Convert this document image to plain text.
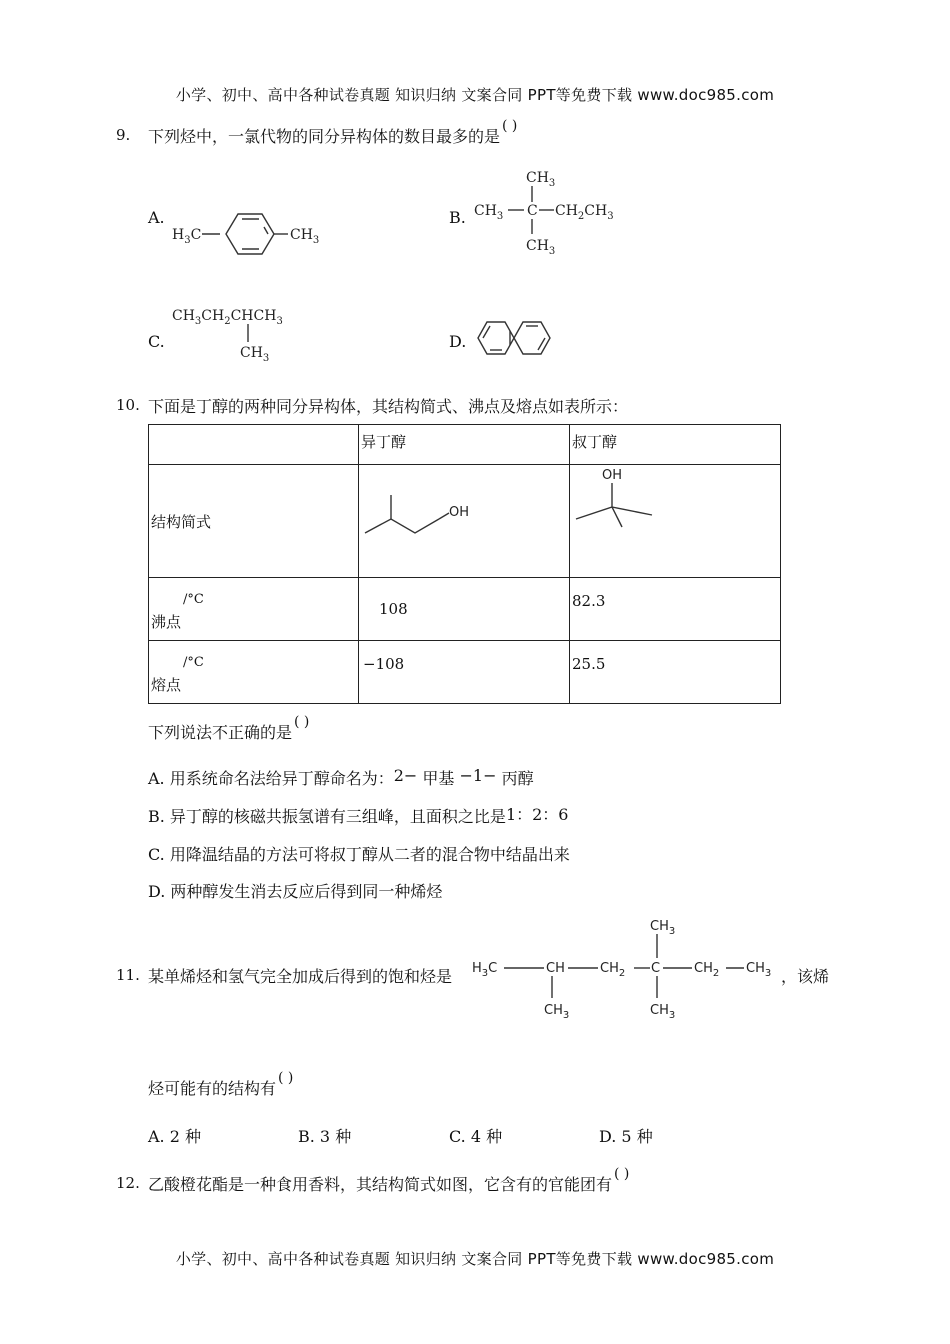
小学、初中、高中各种试卷真题 知识归纳 文案合同 PPT等免费下载 www.doc985.com
9. 下列烃中，一氯代物的同分异构体的数目最多的是( )
A.
$H_3C$	$CH_3$
B.
$CH_3$
$CH_3$ C $CH_2CH_3$
$CH_3$
C.
$CH_3CH_2CHCH_3$
$CH_3$
D.
10. 下面是丁醇的两种同分异构体，其结构简式、沸点及熔点如表所示：
	异丁醇	叔丁醇
结构简式	OH	OH

沸点/°C	108	82.3
熔点/°C	−108	25.5
下列说法不正确的是( )
A. 用系统命名法给异丁醇命名为：2− 甲基 −1− 丙醇
B. 异丁醇的核磁共振氢谱有三组峰，且面积之比是1：2：6
C. 用降温结晶的方法可将叔丁醇从二者的混合物中结晶出来
D. 两种醇发生消去反应后得到同一种烯烃
11. 某单烯烃和氢气完全加成后得到的饱和烃是 $H_3C$	CH	$CH_2$ C	$CH_2$ $CH_3$
$CH_3$
$CH_3$	$CH_3$
，该烯
烃可能有的结构有( )
A. 2 种	B. 3 种	C. 4 种	D. 5 种
12. 乙酸橙花酯是一种食用香料，其结构简式如图，它含有的官能团有( )
小学、初中、高中各种试卷真题 知识归纳 文案合同 PPT等免费下载 www.doc985.com
